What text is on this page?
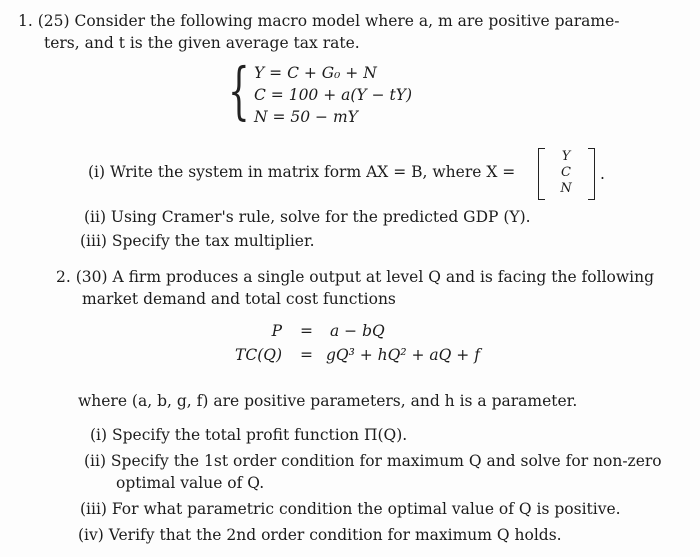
1. (25) Consider the following macro model where a, m are positive parame-
ters, and t is the given average tax rate.
{ Y = C + G₀ + N
C = 100 + a(Y − tY)
N = 50 − mY
(i) Write the system in matrix form AX = B, where X =
Y
C
N
.
(ii) Using Cramer's rule, solve for the predicted GDP (Y).
(iii) Specify the tax multiplier.
2. (30) A firm produces a single output at level Q and is facing the following
market demand and total cost functions
P = a − bQ
TC(Q) = gQ³ + hQ² + aQ + f
where (a, b, g, f) are positive parameters, and h is a parameter.
(i) Specify the total profit function Π(Q).
(ii) Specify the 1st order condition for maximum Q and solve for non-zero
optimal value of Q.
(iii) For what parametric condition the optimal value of Q is positive.
(iv) Verify that the 2nd order condition for maximum Q holds.
